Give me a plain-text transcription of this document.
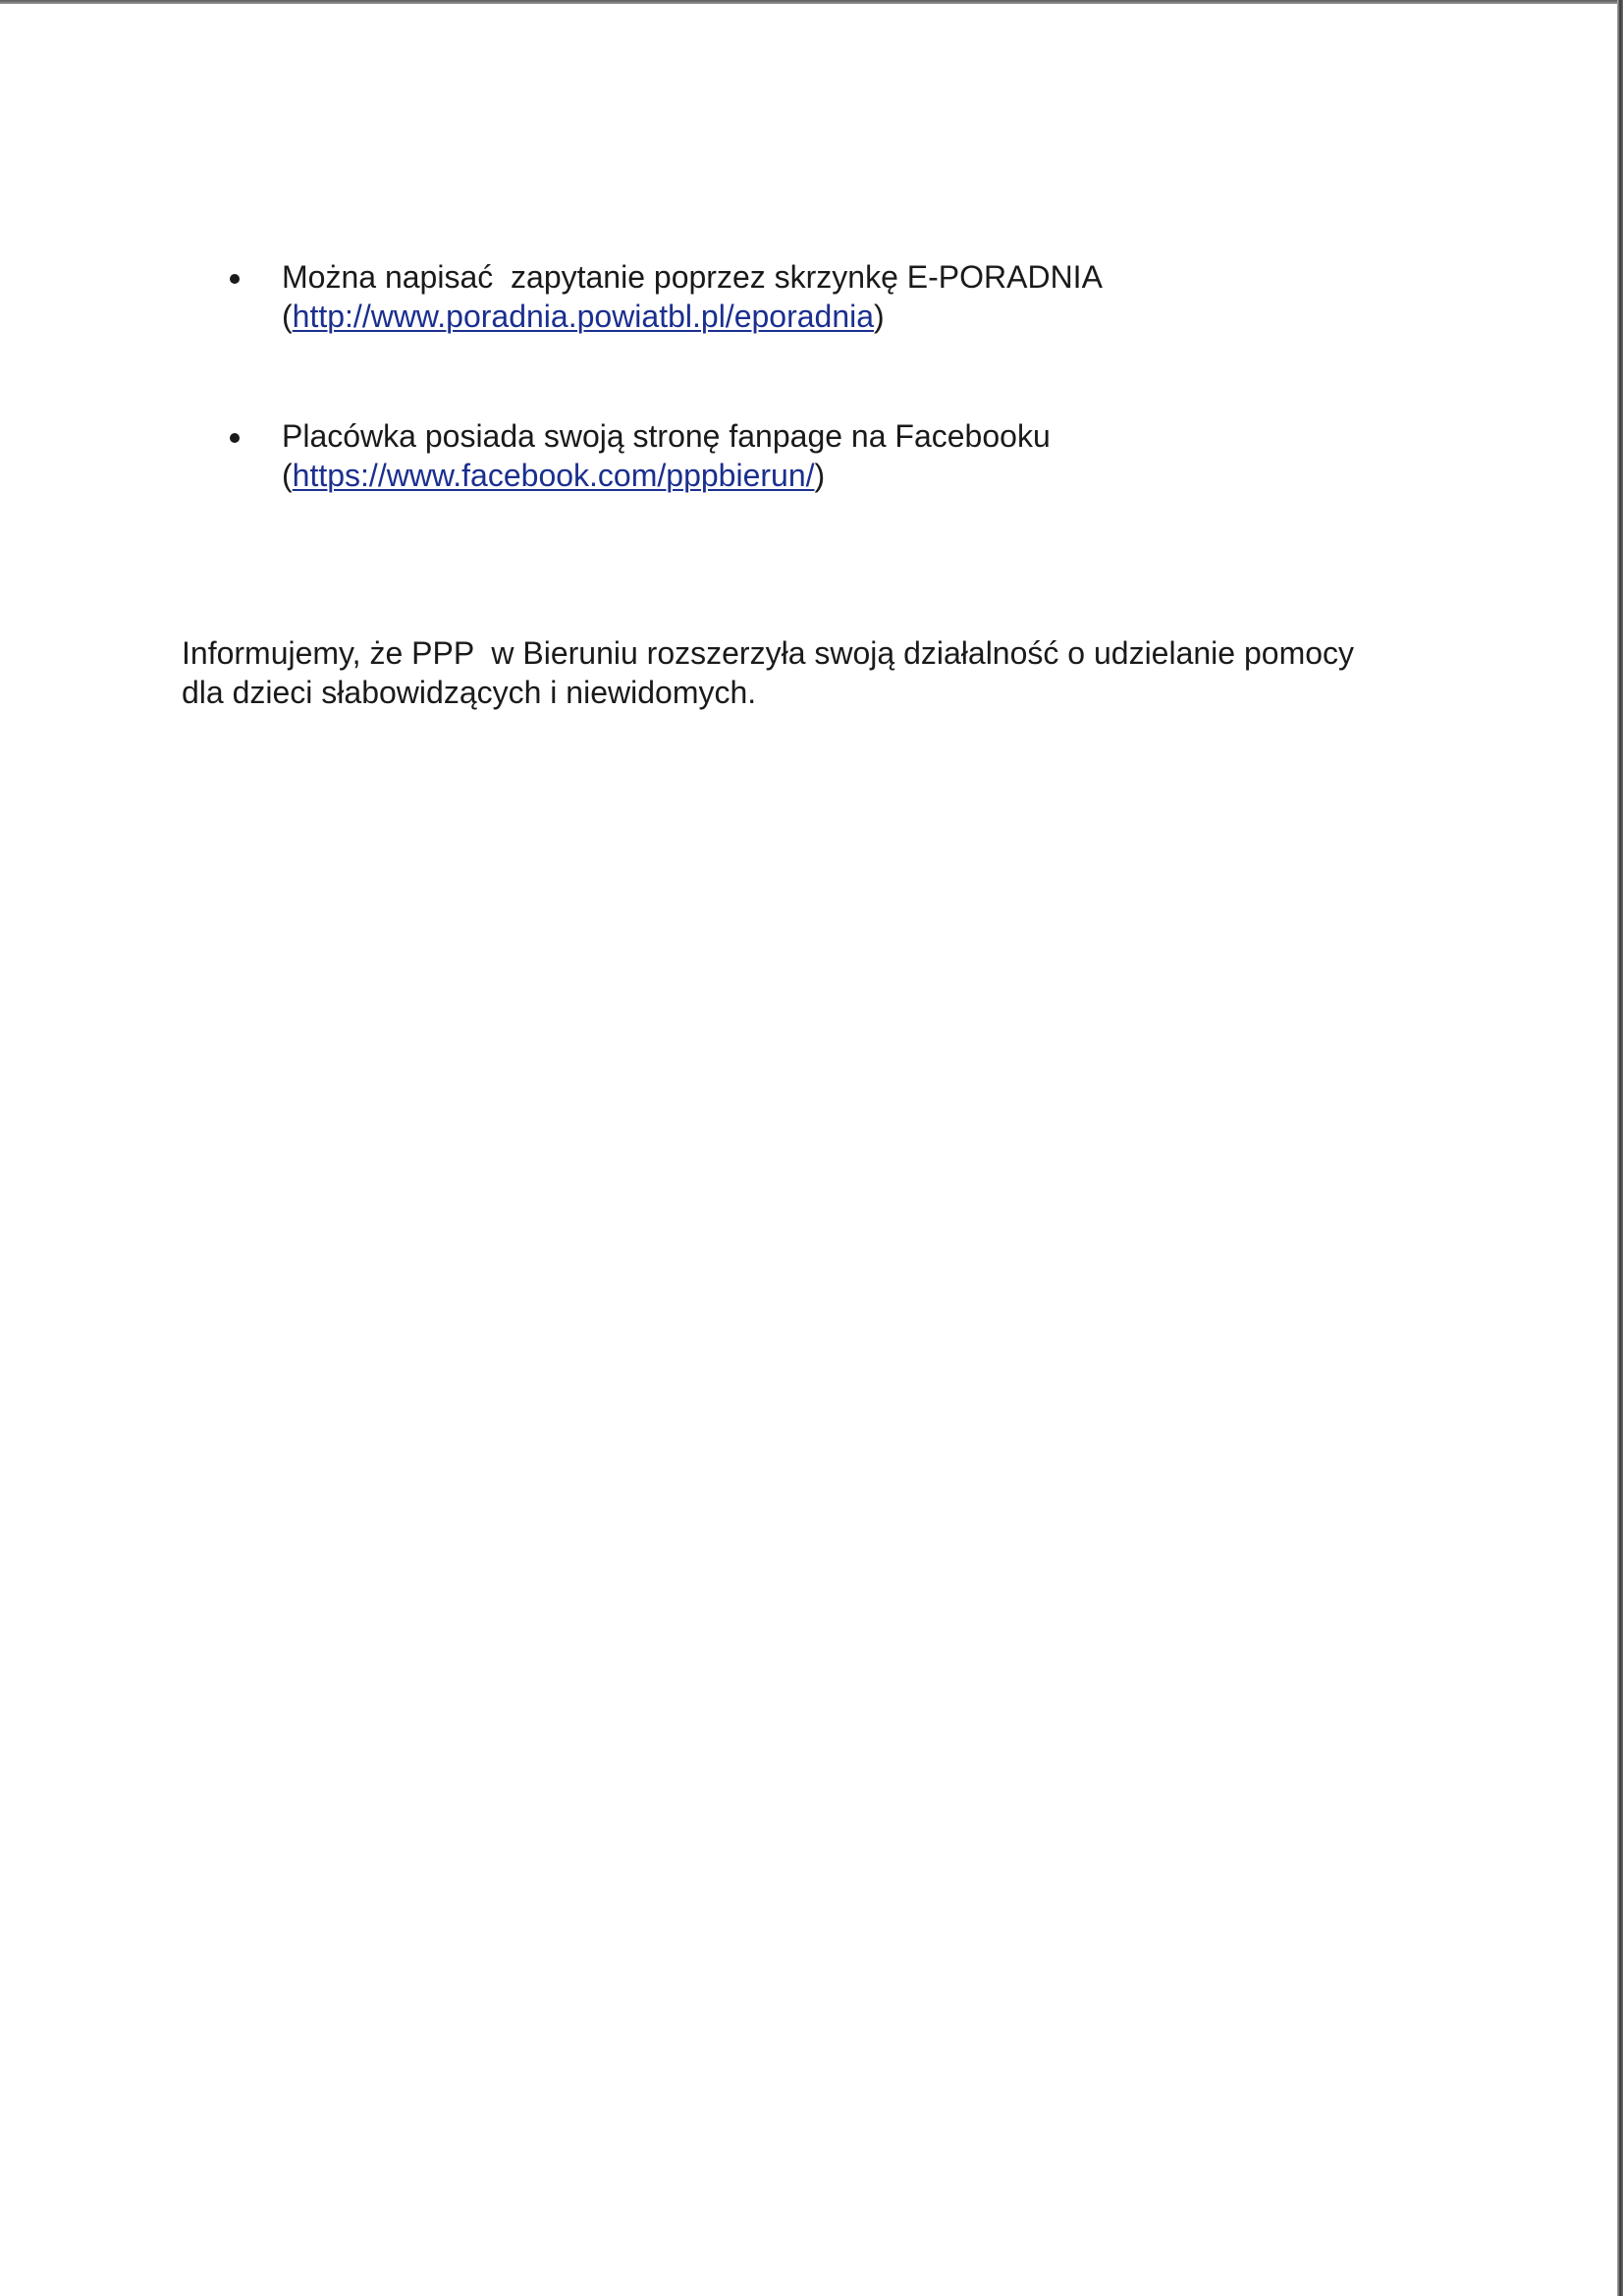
Można napisać  zapytanie poprzez skrzynkę E-PORADNIA
(http://www.poradnia.powiatbl.pl/eporadnia)
Placówka posiada swoją stronę fanpage na Facebooku
(https://www.facebook.com/pppbierun/)

Informujemy, że PPP  w Bieruniu rozszerzyła swoją działalność o udzielanie pomocy
dla dzieci słabowidzących i niewidomych.
